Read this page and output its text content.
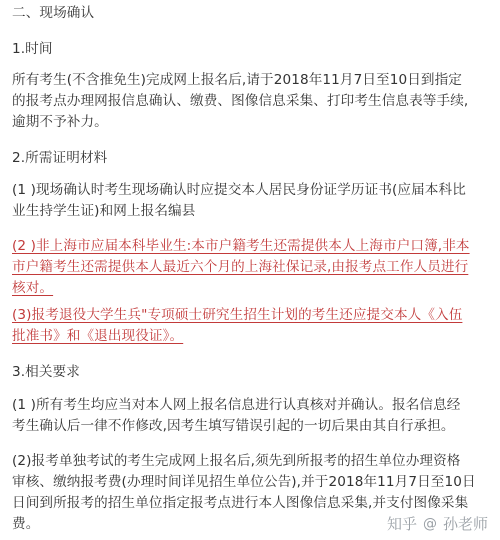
二、现场确认
1.时间
所有考生(不含推免生)完成网上报名后,请于2018年11月7日至10日到指定
的报考点办理网报信息确认、缴费、图像信息采集、打印考生信息表等手续,
逾期不予补力。
2.所需证明材料
(1 )现场确认时考生现场确认时应提交本人居民身份证学历证书(应届本科比
业生持学生证)和网上报名编县
(2 )非上海市应届本科毕业生:本市户籍考生还需提供本人上海市户口簿,非本
市户籍考生还需提供本人最近六个月的上海社保记录,由报考点工作人员进行
核对。
(3)报考退役大学生兵"专项硕士研究生招生计划的考生还应提交本人《入伍
批准书》和《退出现役证》。
3.相关要求
(1 )所有考生均应当对本人网上报名信息进行认真核对并确认。报名信息经
考生确认后一律不作修改,因考生填写错误引起的一切后果由其自行承担。
(2)报考单独考试的考生完成网上报名后,须先到所报考的招生单位办理资格
审核、缴纳报考费(办理时间详见招生单位公告),并于2018年11月7日至10日
日间到所报考的招生单位指定报考点进行本人图像信息采集,并支付图像采集
费。	知乎 @ 孙老师
